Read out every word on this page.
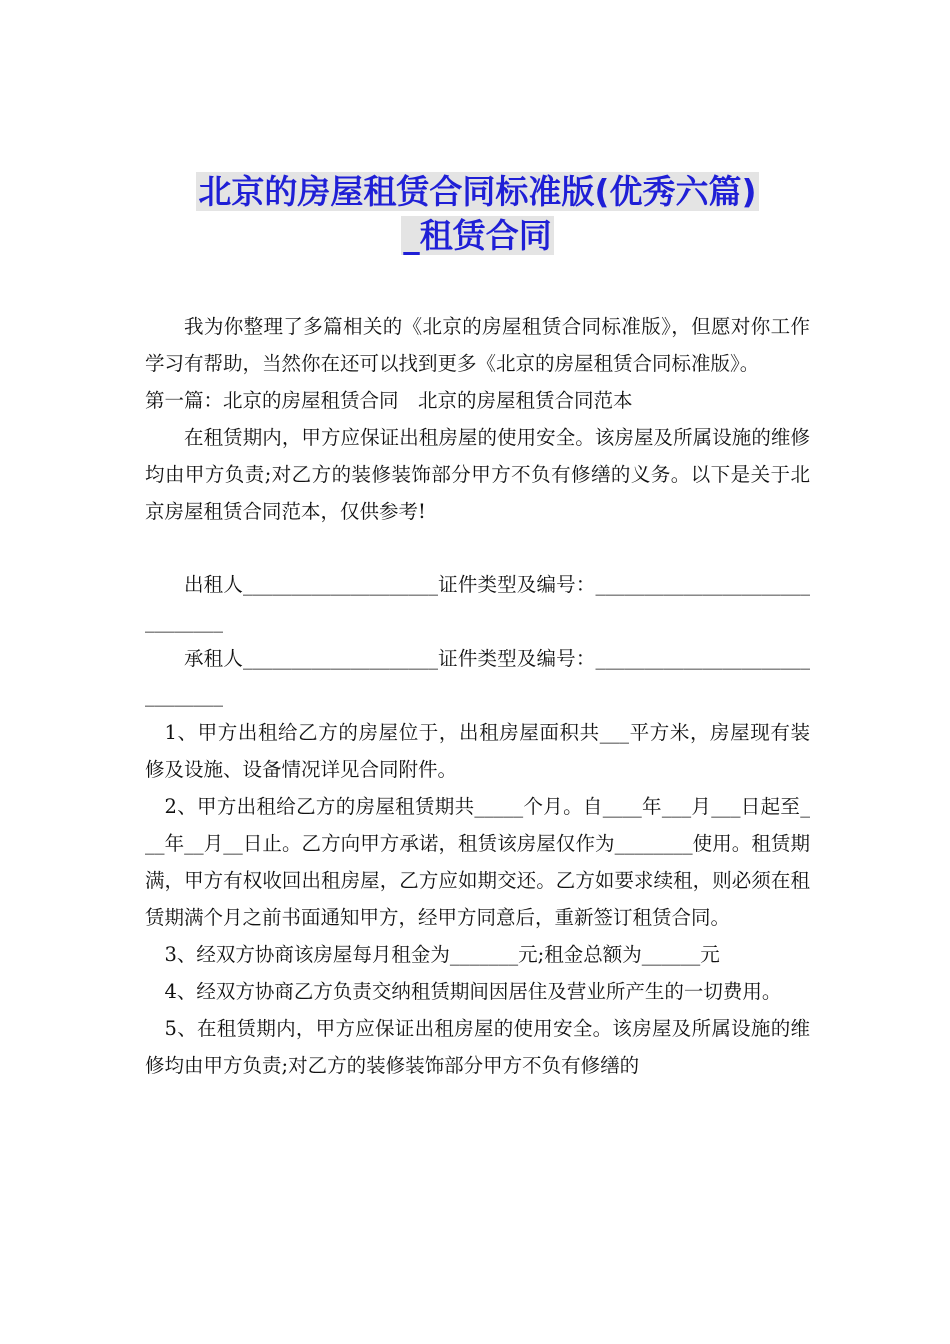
北京的房屋租赁合同标准版(优秀六篇)
_租赁合同

我为你整理了多篇相关的《北京的房屋租赁合同标准版》，但愿对你工作学习有帮助，当然你在还可以找到更多《北京的房屋租赁合同标准版》。

第一篇：北京的房屋租赁合同　北京的房屋租赁合同范本

在租赁期内，甲方应保证出租房屋的使用安全。该房屋及所属设施的维修均由甲方负责;对乙方的装修装饰部分甲方不负有修缮的义务。以下是关于北京房屋租赁合同范本，仅供参考!

出租人____________________证件类型及编号：______________________________

承租人____________________证件类型及编号：______________________________

1、甲方出租给乙方的房屋位于，出租房屋面积共___平方米，房屋现有装修及设施、设备情况详见合同附件。

2、甲方出租给乙方的房屋租赁期共_____个月。自____年___月___日起至___年__月__日止。乙方向甲方承诺，租赁该房屋仅作为________使用。租赁期满，甲方有权收回出租房屋，乙方应如期交还。乙方如要求续租，则必须在租赁期满个月之前书面通知甲方，经甲方同意后，重新签订租赁合同。

3、经双方协商该房屋每月租金为_______元;租金总额为______元

4、经双方协商乙方负责交纳租赁期间因居住及营业所产生的一切费用。

5、在租赁期内，甲方应保证出租房屋的使用安全。该房屋及所属设施的维修均由甲方负责;对乙方的装修装饰部分甲方不负有修缮的
